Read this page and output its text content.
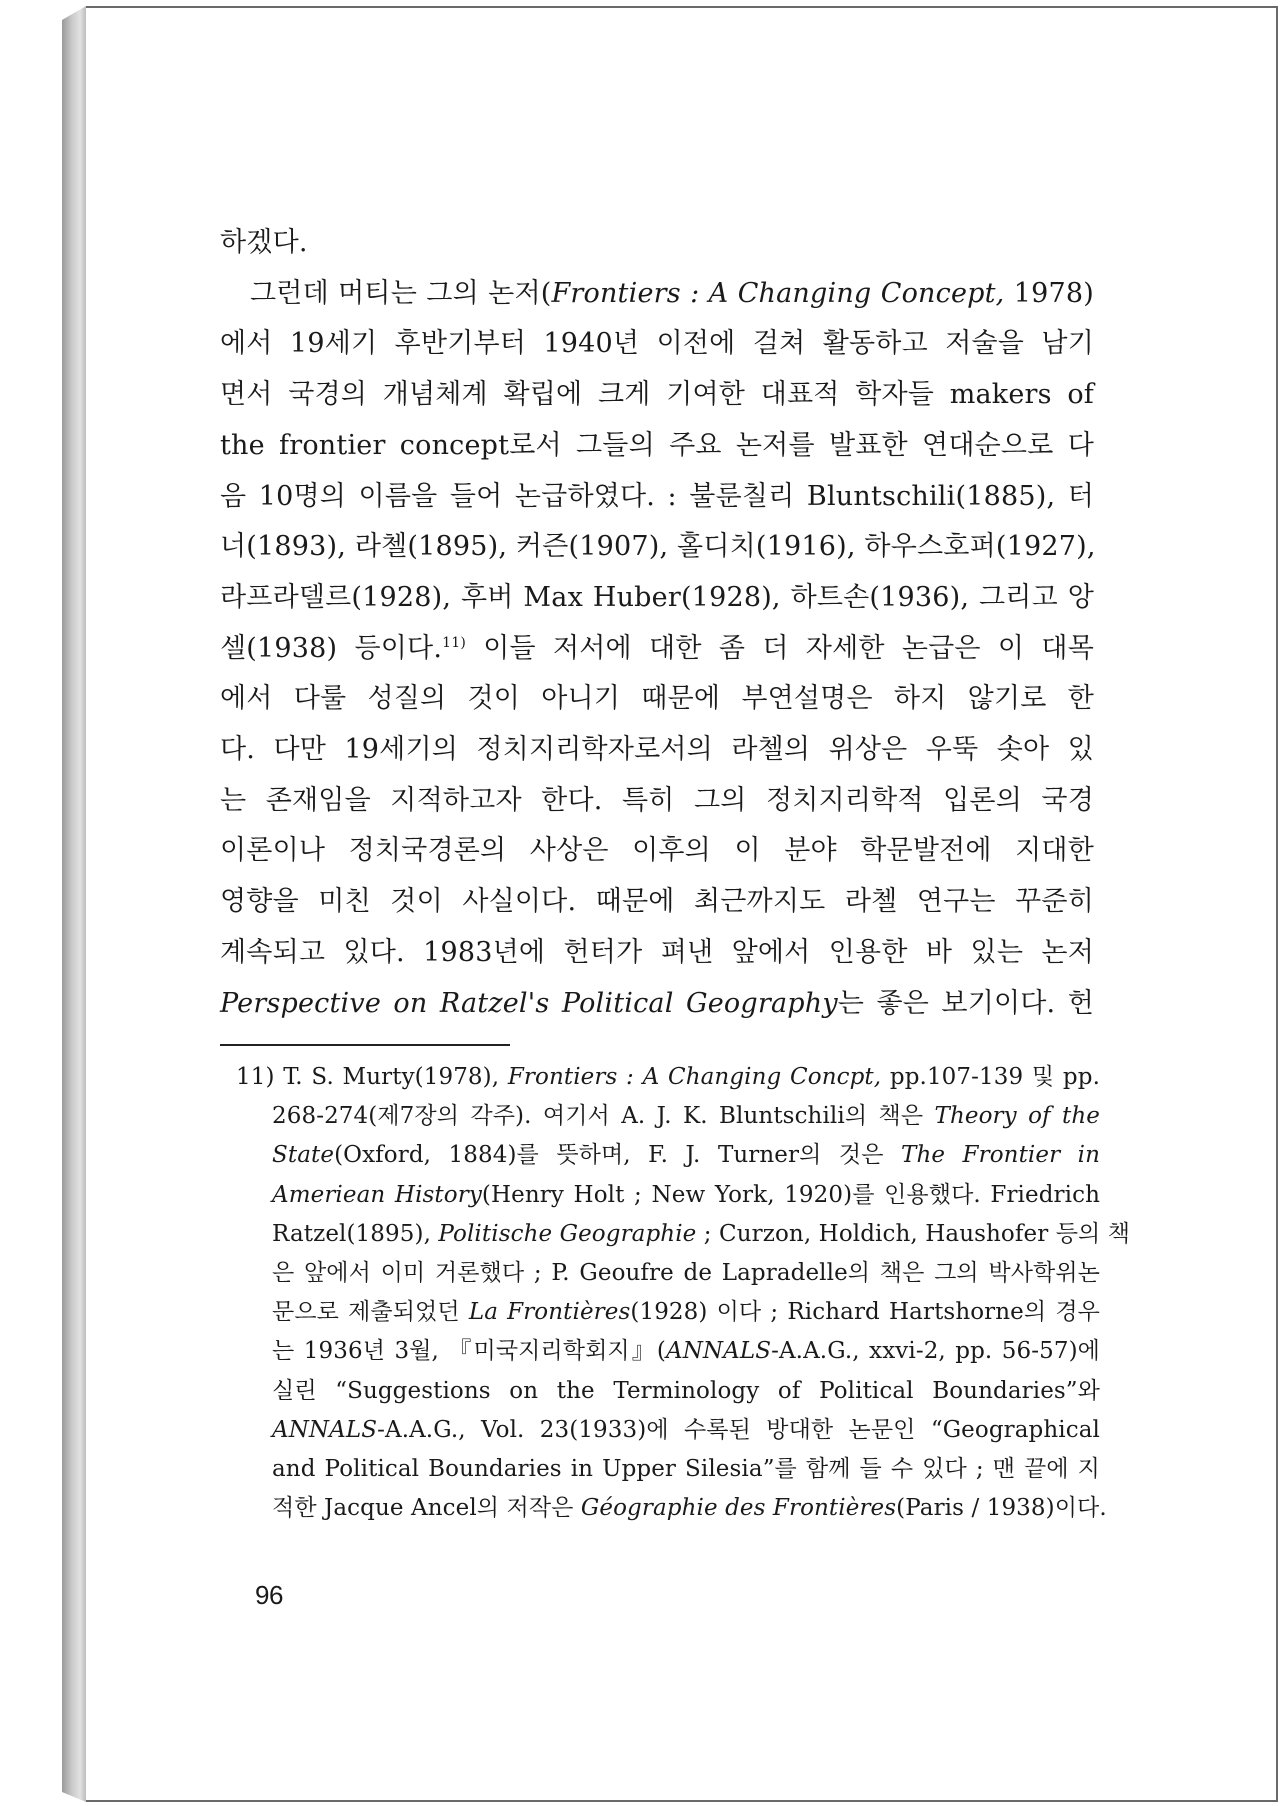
하겠다.

그런데 머티는 그의 논저(Frontiers : A Changing Concept, 1978)

에서 19세기 후반기부터 1940년 이전에 걸쳐 활동하고 저술을 남기

면서 국경의 개념체계 확립에 크게 기여한 대표적 학자들 makers of

the frontier concept로서 그들의 주요 논저를 발표한 연대순으로 다

음 10명의 이름을 들어 논급하였다. : 불룬칠리 Bluntschili(1885), 터

너(1893), 라첼(1895), 커즌(1907), 홀디치(1916), 하우스호퍼(1927),

라프라델르(1928), 후버 Max Huber(1928), 하트손(1936), 그리고 앙

셀(1938) 등이다.$^{11)}$ 이들 저서에 대한 좀 더 자세한 논급은 이 대목

에서 다룰 성질의 것이 아니기 때문에 부연설명은 하지 않기로 한

다. 다만 19세기의 정치지리학자로서의 라첼의 위상은 우뚝 솟아 있

는 존재임을 지적하고자 한다. 특히 그의 정치지리학적 입론의 국경

이론이나 정치국경론의 사상은 이후의 이 분야 학문발전에 지대한

영향을 미친 것이 사실이다. 때문에 최근까지도 라첼 연구는 꾸준히

계속되고 있다. 1983년에 헌터가 펴낸 앞에서 인용한 바 있는 논저

Perspective on Ratzel's Political Geography는 좋은 보기이다. 헌

11) T. S. Murty(1978), Frontiers : A Changing Concpt, pp.107-139 및 pp.

268-274(제7장의 각주). 여기서 A. J. K. Bluntschili의 책은 Theory of the

State(Oxford, 1884)를 뜻하며, F. J. Turner의 것은 The Frontier in

Ameriean History(Henry Holt ; New York, 1920)를 인용했다. Friedrich

Ratzel(1895), Politische Geographie ; Curzon, Holdich, Haushofer 등의 책

은 앞에서 이미 거론했다 ; P. Geoufre de Lapradelle의 책은 그의 박사학위논

문으로 제출되었던 La Frontières(1928) 이다 ; Richard Hartshorne의 경우

는 1936년 3월, 『미국지리학회지』(ANNALS-A.A.G., xxvi-2, pp. 56-57)에

실린 “Suggestions on the Terminology of Political Boundaries”와

ANNALS-A.A.G., Vol. 23(1933)에 수록된 방대한 논문인 “Geographical

and Political Boundaries in Upper Silesia”를 함께 들 수 있다 ; 맨 끝에 지

적한 Jacque Ancel의 저작은 Géographie des Frontières(Paris / 1938)이다.

96
